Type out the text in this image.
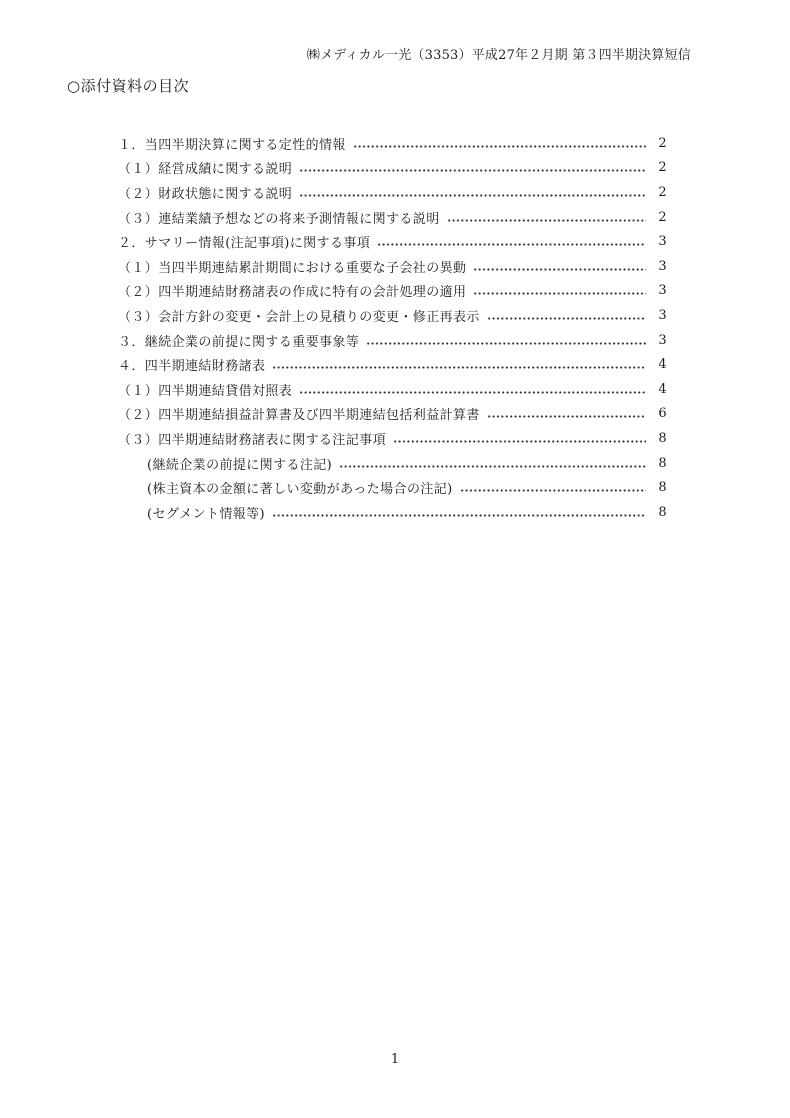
㈱メディカル一光（3353）平成27年２月期 第３四半期決算短信
○添付資料の目次
１．当四半期決算に関する定性的情報	2
（１）経営成績に関する説明	2
（２）財政状態に関する説明	2
（３）連結業績予想などの将来予測情報に関する説明	2
２．サマリー情報(注記事項)に関する事項	3
（１）当四半期連結累計期間における重要な子会社の異動	3
（２）四半期連結財務諸表の作成に特有の会計処理の適用	3
（３）会計方針の変更・会計上の見積りの変更・修正再表示	3
３．継続企業の前提に関する重要事象等	3
４．四半期連結財務諸表	4
（１）四半期連結貸借対照表	4
（２）四半期連結損益計算書及び四半期連結包括利益計算書	6
（３）四半期連結財務諸表に関する注記事項	8
(継続企業の前提に関する注記)	8
(株主資本の金額に著しい変動があった場合の注記)	8
(セグメント情報等)	8
1
